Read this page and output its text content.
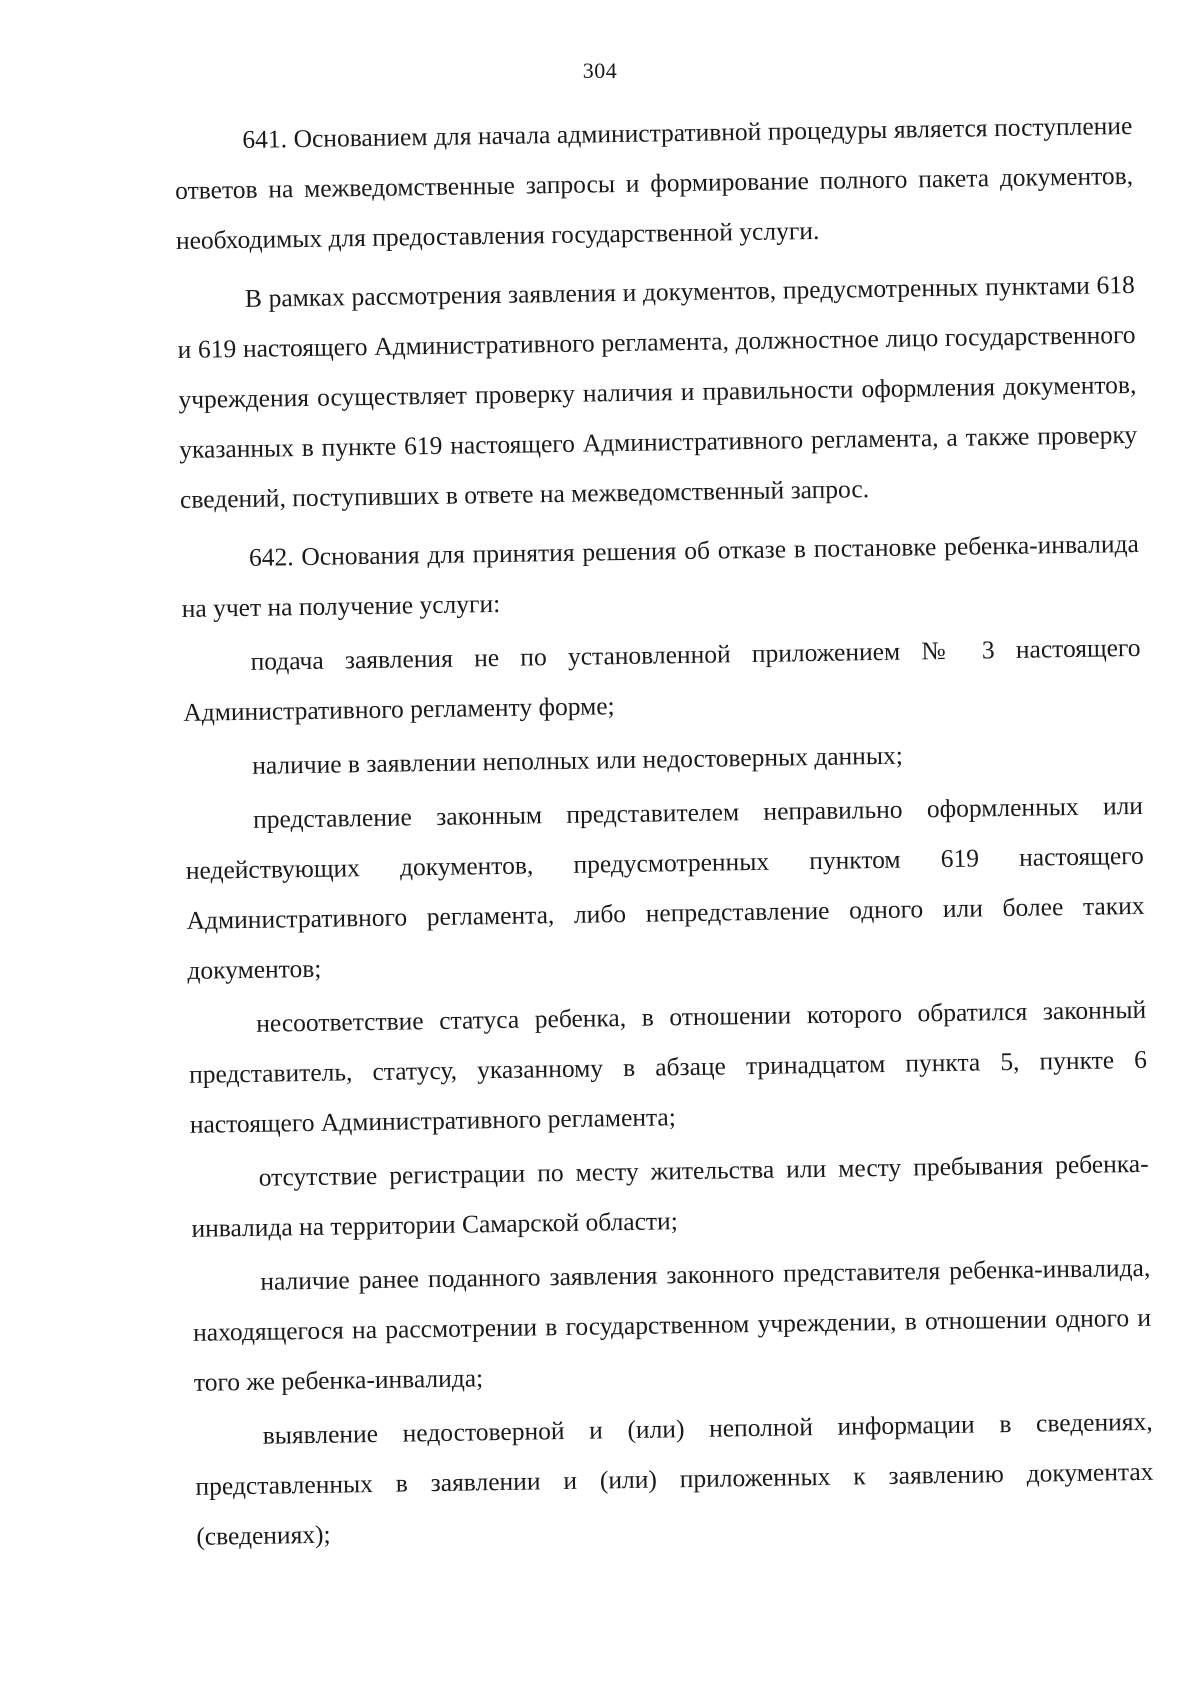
304

641. Основанием для начала административной процедуры является поступление ответов на межведомственные запросы и формирование полного пакета документов, необходимых для предоставления государственной услуги.

В рамках рассмотрения заявления и документов, предусмотренных пунктами 618 и 619 настоящего Административного регламента, должностное лицо государственного учреждения осуществляет проверку наличия и правильности оформления документов, указанных в пункте 619 настоящего Административного регламента, а также проверку сведений, поступивших в ответе на межведомственный запрос.

642. Основания для принятия решения об отказе в постановке ребенка-инвалида на учет на получение услуги:

подача заявления не по установленной приложением № 3 настоящего Административного регламенту форме;

наличие в заявлении неполных или недостоверных данных;

представление законным представителем неправильно оформленных или недействующих документов, предусмотренных пунктом 619 настоящего Административного регламента, либо непредставление одного или более таких документов;

несоответствие статуса ребенка, в отношении которого обратился законный представитель, статусу, указанному в абзаце тринадцатом пункта 5, пункте 6 настоящего Административного регламента;

отсутствие регистрации по месту жительства или месту пребывания ребенка-инвалида на территории Самарской области;

наличие ранее поданного заявления законного представителя ребенка-инвалида, находящегося на рассмотрении в государственном учреждении, в отношении одного и того же ребенка-инвалида;

выявление недостоверной и (или) неполной информации в сведениях, представленных в заявлении и (или) приложенных к заявлению документах (сведениях);
